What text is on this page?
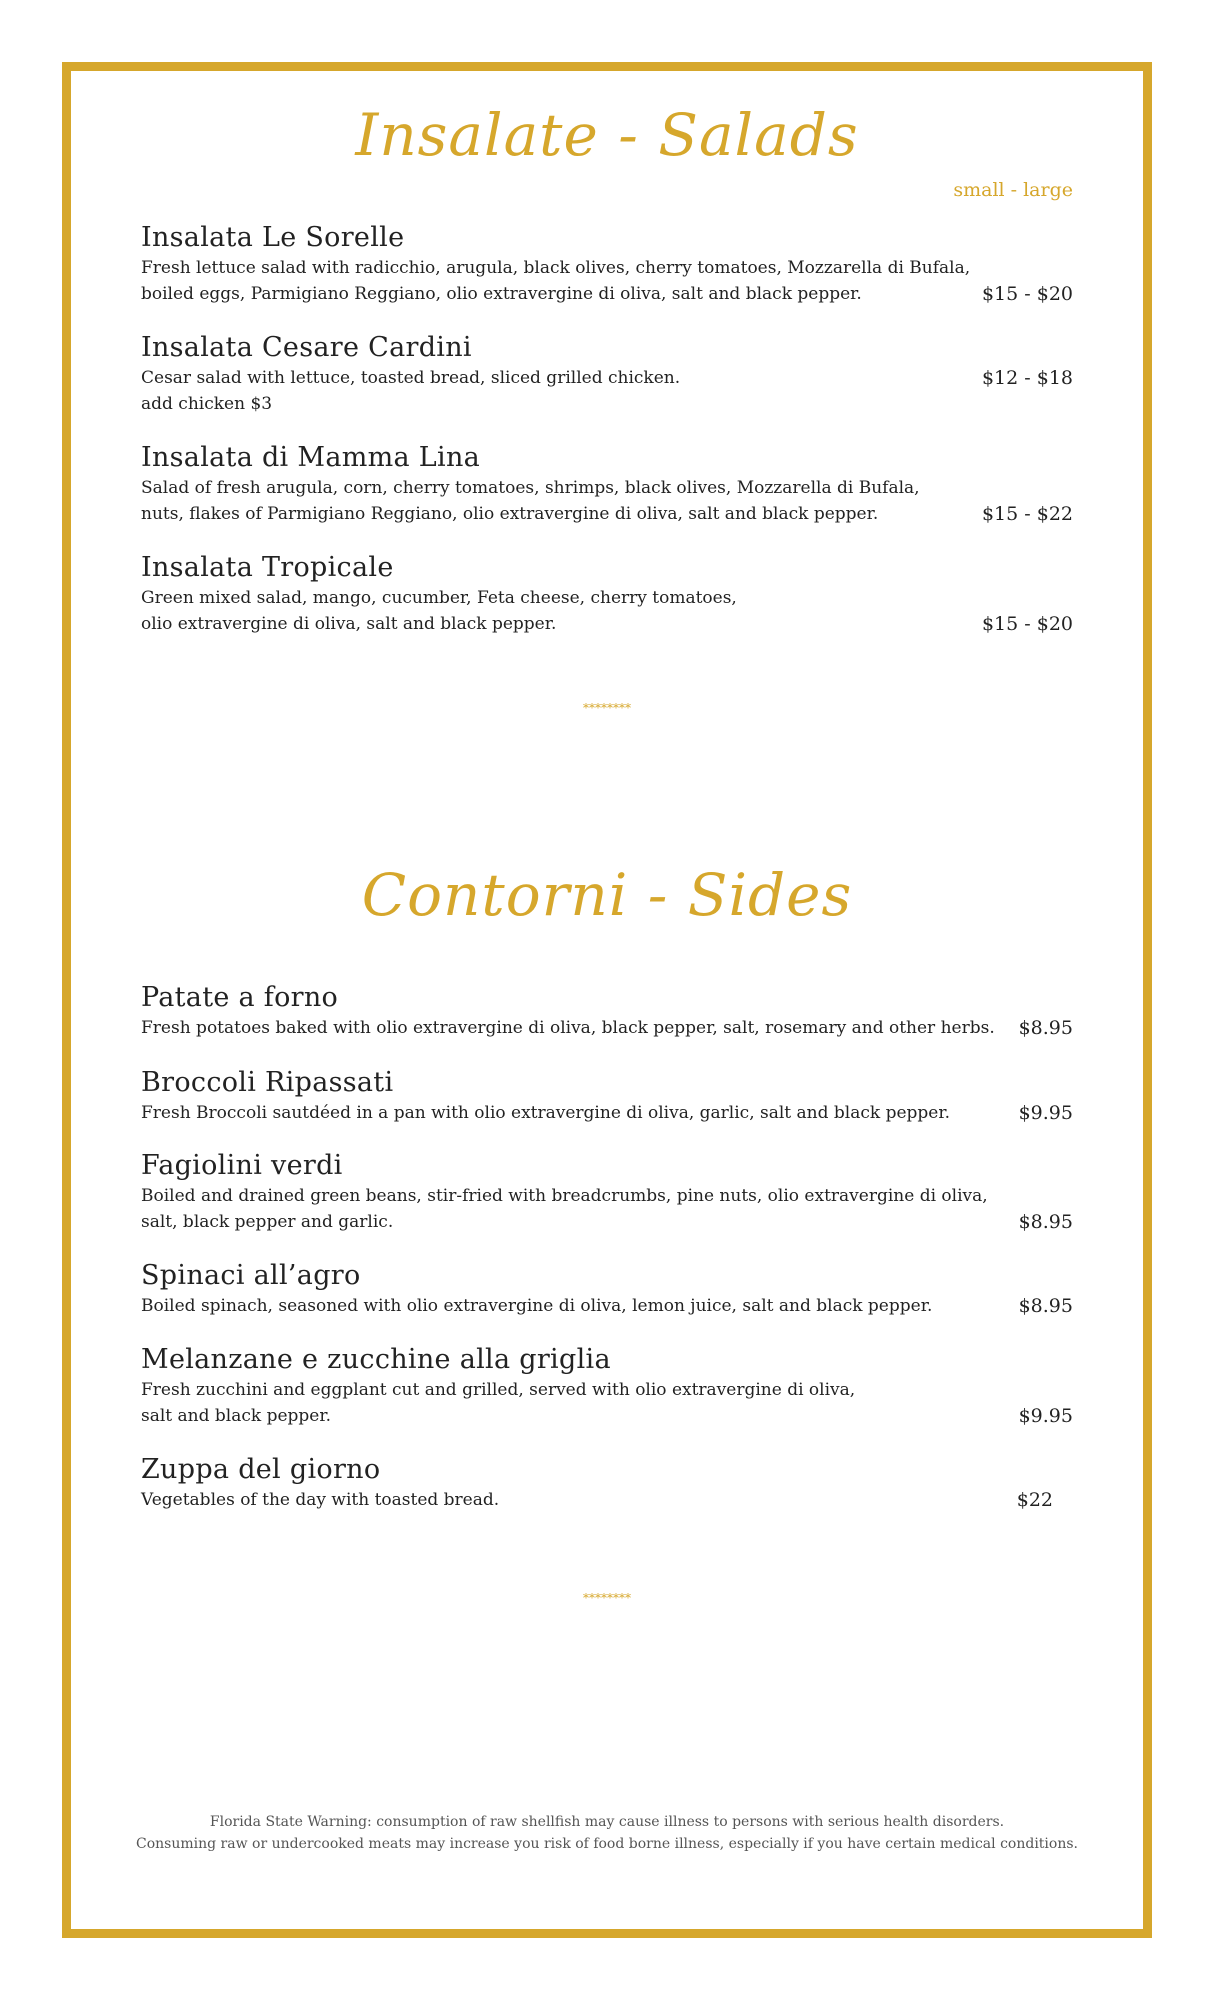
Insalate - Salads
small - large
Insalata Le Sorelle
Fresh lettuce salad with radicchio, arugula, black olives, cherry tomatoes, Mozzarella di Bufala,
boiled eggs, Parmigiano Reggiano, olio extravergine di oliva, salt and black pepper.	$15 - $20
Insalata Cesare Cardini
Cesar salad with lettuce, toasted bread, sliced grilled chicken.
add chicken $3
$12 - $18
Insalata di Mamma Lina
Salad of fresh arugula, corn, cherry tomatoes, shrimps, black olives, Mozzarella di Bufala,
nuts, flakes of Parmigiano Reggiano, olio extravergine di oliva, salt and black pepper.	$15 - $22
Insalata Tropicale
Green mixed salad, mango, cucumber, Feta cheese, cherry tomatoes,
olio extravergine di oliva, salt and black pepper.	$15 - $20
********
Contorni - Sides
Patate a forno
Fresh potatoes baked with olio extravergine di oliva, black pepper, salt, rosemary and other herbs.	$8.95
Broccoli Ripassati
Fresh Broccoli sautdéed in a pan with olio extravergine di oliva, garlic, salt and black pepper.	$9.95
Fagiolini verdi
Boiled and drained green beans, stir-fried with breadcrumbs, pine nuts, olio extravergine di oliva,
salt, black pepper and garlic.	$8.95
Spinaci all’agro
Boiled spinach, seasoned with olio extravergine di oliva, lemon juice, salt and black pepper.	$8.95
Melanzane e zucchine alla griglia
Fresh zucchini and eggplant cut and grilled, served with olio extravergine di oliva,
salt and black pepper.	$9.95
Zuppa del giorno
Vegetables of the day with toasted bread.	$22
********
Florida State Warning: consumption of raw shellfish may cause illness to persons with serious health disorders.
Consuming raw or undercooked meats may increase you risk of food borne illness, especially if you have certain medical conditions.
